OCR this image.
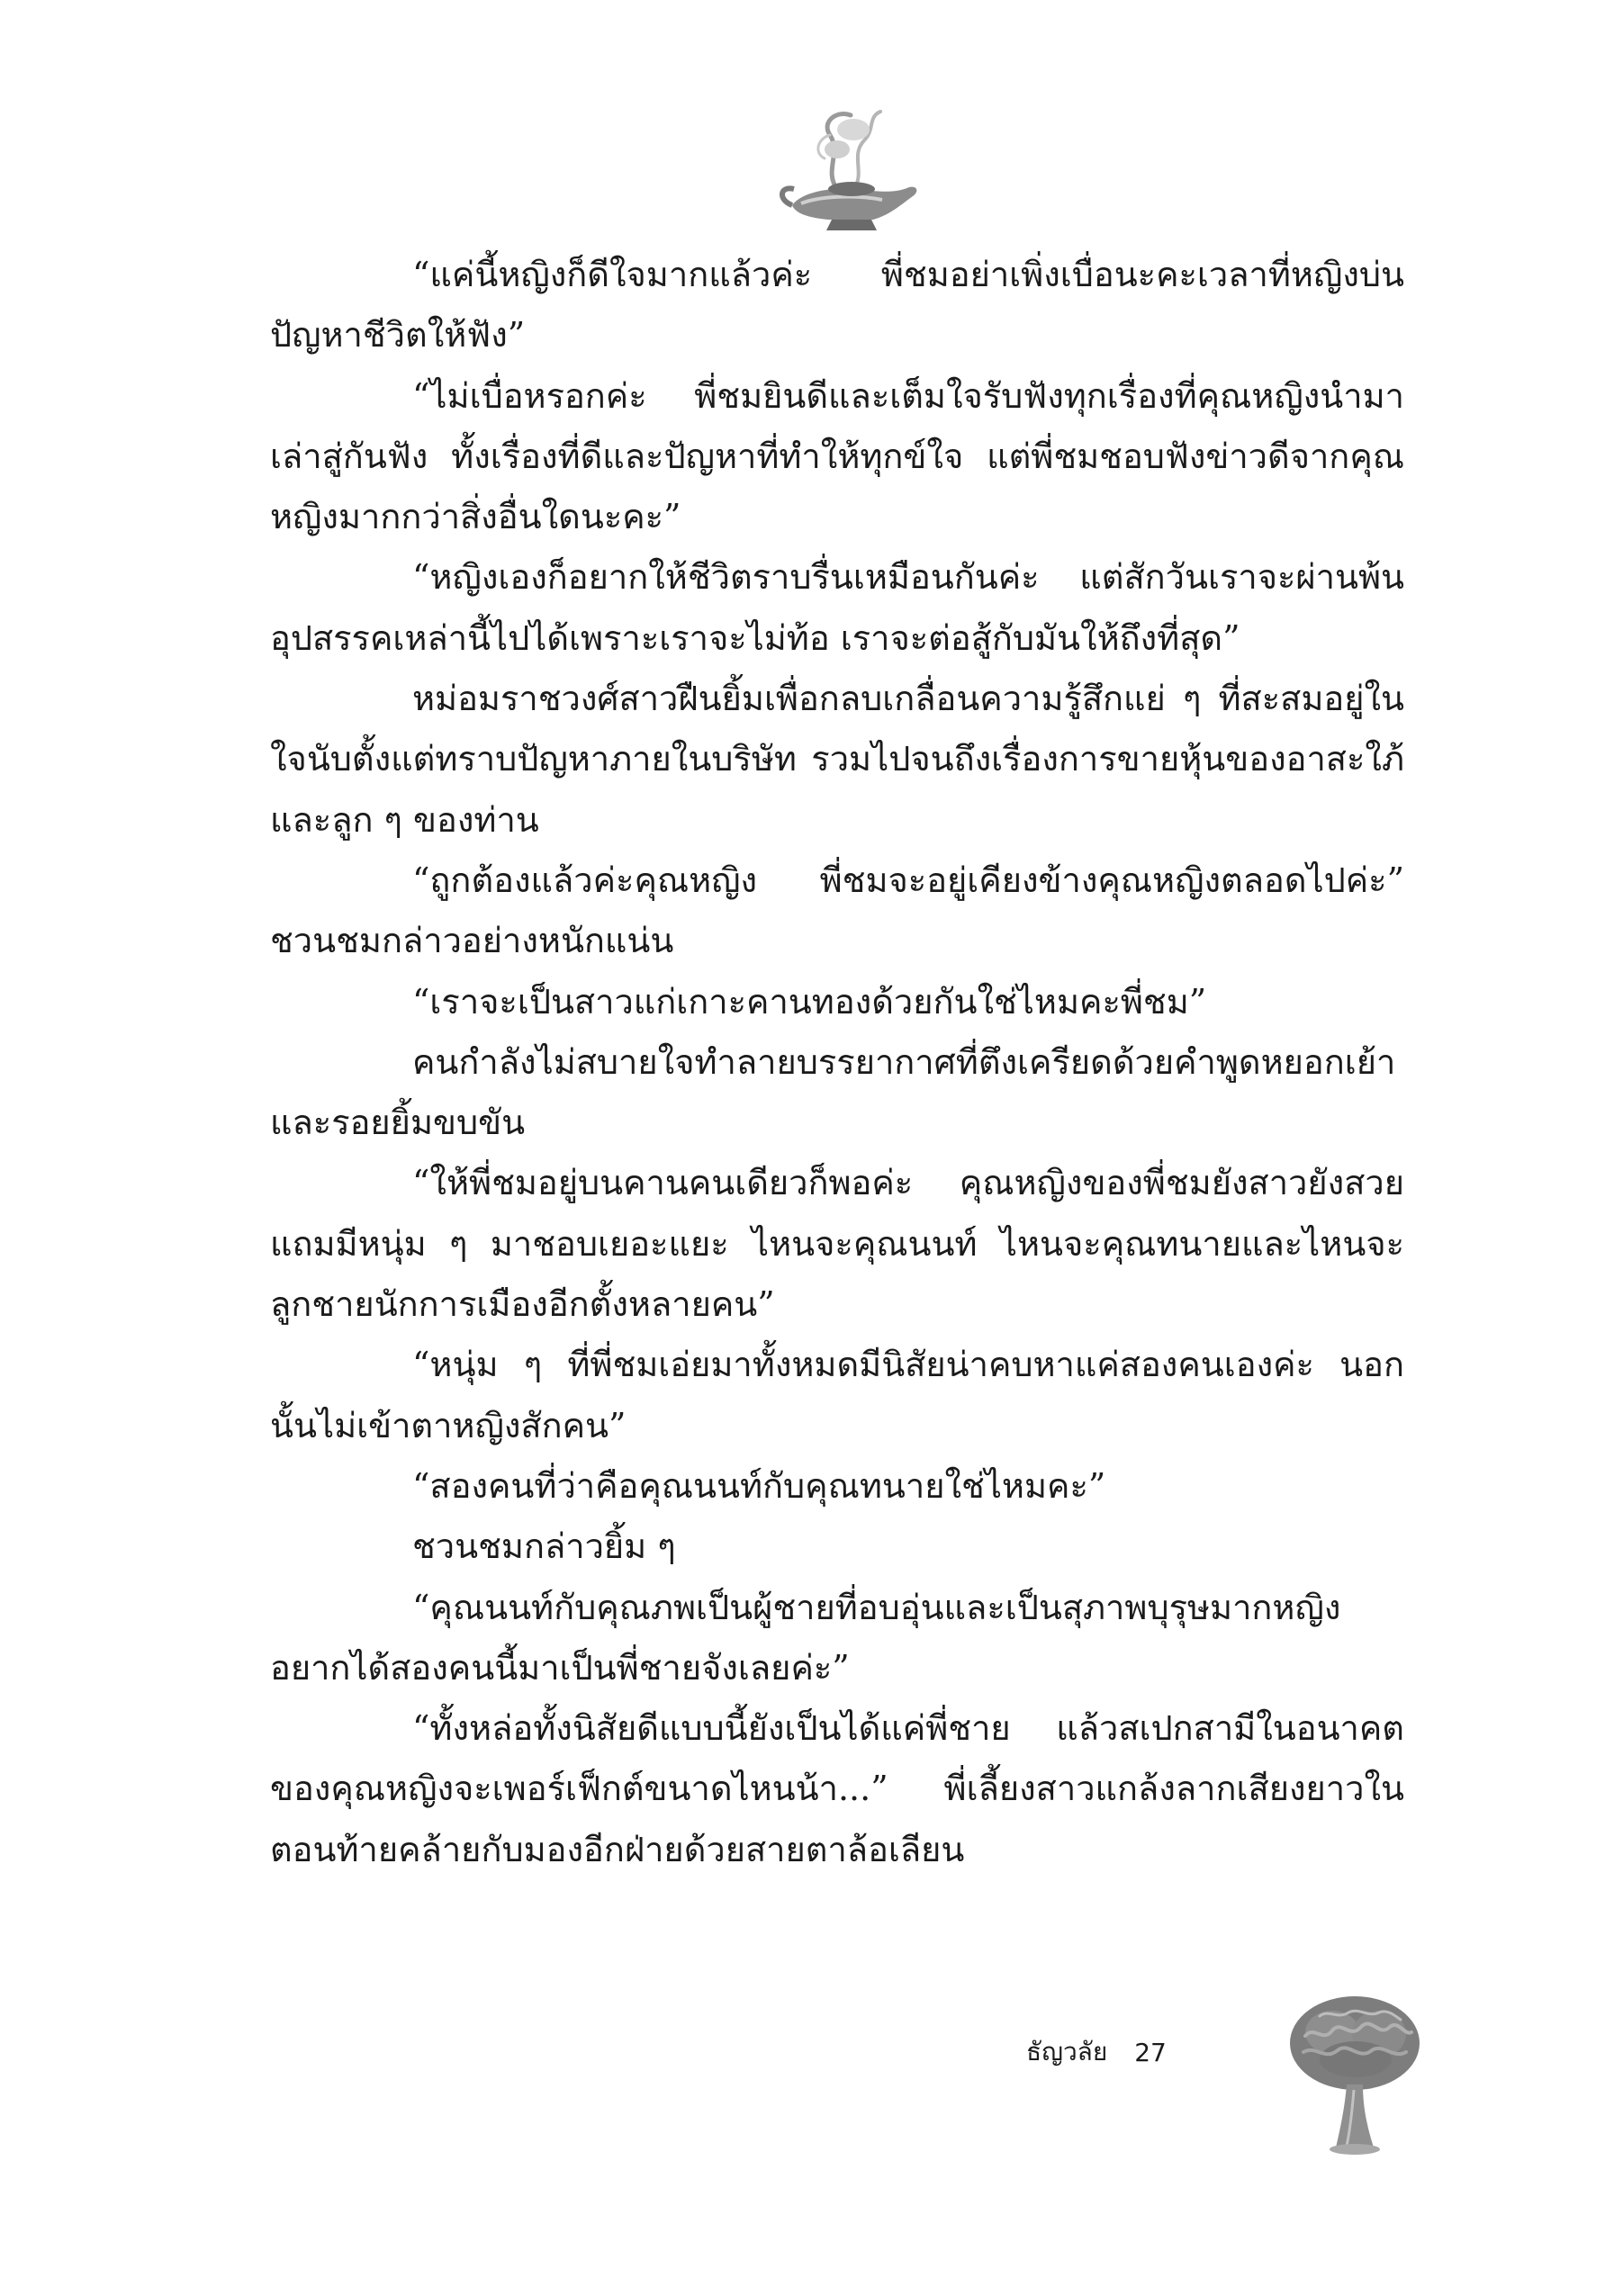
“แค่นี้หญิงก็ดีใจมากแล้วค่ะ พี่ชมอย่าเพิ่งเบื่อนะคะเวลาที่หญิงบ่นปัญหาชีวิตให้ฟัง”

“ไม่เบื่อหรอกค่ะ พี่ชมยินดีและเต็มใจรับฟังทุกเรื่องที่คุณหญิงนำมาเล่าสู่กันฟัง ทั้งเรื่องที่ดีและปัญหาที่ทำให้ทุกข์ใจ แต่พี่ชมชอบฟังข่าวดีจากคุณหญิงมากกว่าสิ่งอื่นใดนะคะ”

“หญิงเองก็อยากให้ชีวิตราบรื่นเหมือนกันค่ะ แต่สักวันเราจะผ่านพ้นอุปสรรคเหล่านี้ไปได้เพราะเราจะไม่ท้อ เราจะต่อสู้กับมันให้ถึงที่สุด”

หม่อมราชวงศ์สาวฝืนยิ้มเพื่อกลบเกลื่อนความรู้สึกแย่ ๆ ที่สะสมอยู่ในใจนับตั้งแต่ทราบปัญหาภายในบริษัท รวมไปจนถึงเรื่องการขายหุ้นของอาสะใภ้และลูก ๆ ของท่าน

“ถูกต้องแล้วค่ะคุณหญิง พี่ชมจะอยู่เคียงข้างคุณหญิงตลอดไปค่ะ” ชวนชมกล่าวอย่างหนักแน่น

“เราจะเป็นสาวแก่เกาะคานทองด้วยกันใช่ไหมคะพี่ชม”

คนกำลังไม่สบายใจทำลายบรรยากาศที่ตึงเครียดด้วยคำพูดหยอกเย้าและรอยยิ้มขบขัน

“ให้พี่ชมอยู่บนคานคนเดียวก็พอค่ะ คุณหญิงของพี่ชมยังสาวยังสวย แถมมีหนุ่ม ๆ มาชอบเยอะแยะ ไหนจะคุณนนท์ ไหนจะคุณทนายและไหนจะลูกชายนักการเมืองอีกตั้งหลายคน”

“หนุ่ม ๆ ที่พี่ชมเอ่ยมาทั้งหมดมีนิสัยน่าคบหาแค่สองคนเองค่ะ นอกนั้นไม่เข้าตาหญิงสักคน”

“สองคนที่ว่าคือคุณนนท์กับคุณทนายใช่ไหมคะ”

ชวนชมกล่าวยิ้ม ๆ

“คุณนนท์กับคุณภพเป็นผู้ชายที่อบอุ่นและเป็นสุภาพบุรุษมากหญิงอยากได้สองคนนี้มาเป็นพี่ชายจังเลยค่ะ”

“ทั้งหล่อทั้งนิสัยดีแบบนี้ยังเป็นได้แค่พี่ชาย แล้วสเปกสามีในอนาคตของคุณหญิงจะเพอร์เฟ็กต์ขนาดไหนน้า...” พี่เลี้ยงสาวแกล้งลากเสียงยาวในตอนท้ายคล้ายกับมองอีกฝ่ายด้วยสายตาล้อเลียน

ธัญวลัย 27
